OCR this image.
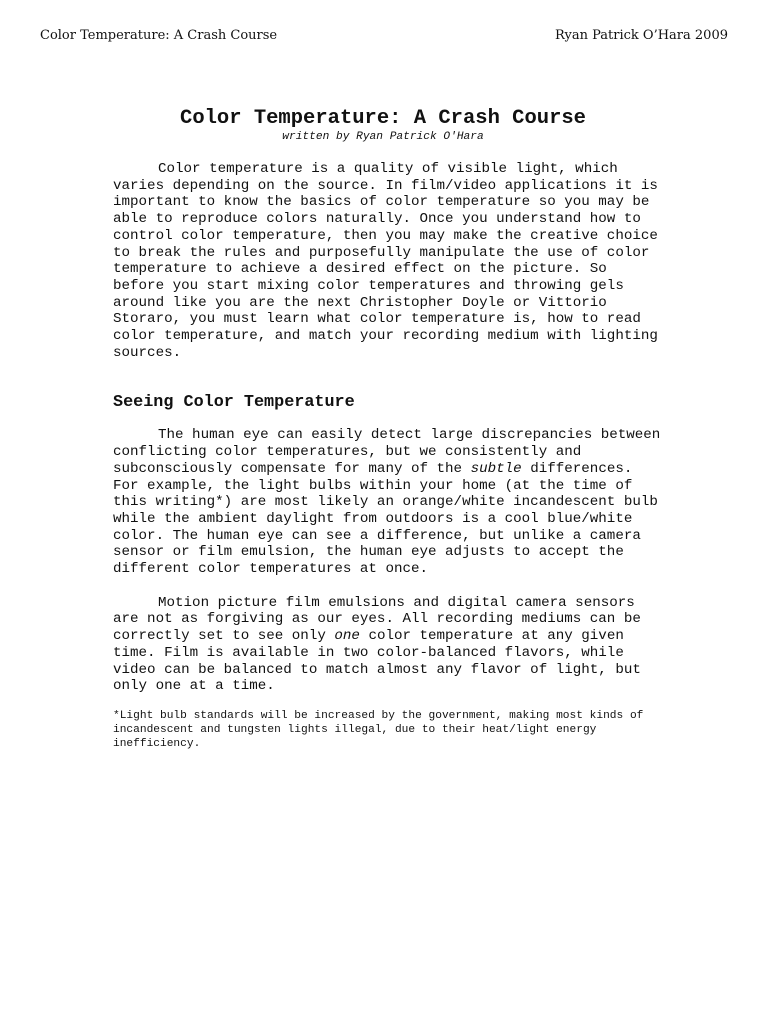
Color Temperature: A Crash Course	Ryan Patrick O’Hara 2009
Color Temperature: A Crash Course

written by Ryan Patrick O'Hara

Color temperature is a quality of visible light, which varies depending on the source. In film/video applications it is important to know the basics of color temperature so you may be able to reproduce colors naturally. Once you understand how to control color temperature, then you may make the creative choice to break the rules and purposefully manipulate the use of color temperature to achieve a desired effect on the picture. So before you start mixing color temperatures and throwing gels around like you are the next Christopher Doyle or Vittorio Storaro, you must learn what color temperature is, how to read color temperature, and match your recording medium with lighting sources.

Seeing Color Temperature

The human eye can easily detect large discrepancies between conflicting color temperatures, but we consistently and subconsciously compensate for many of the subtle differences. For example, the light bulbs within your home (at the time of this writing*) are most likely an orange/white incandescent bulb while the ambient daylight from outdoors is a cool blue/white color. The human eye can see a difference, but unlike a camera sensor or film emulsion, the human eye adjusts to accept the different color temperatures at once.

Motion picture film emulsions and digital camera sensors are not as forgiving as our eyes. All recording mediums can be correctly set to see only one color temperature at any given time. Film is available in two color-balanced flavors, while video can be balanced to match almost any flavor of light, but only one at a time.

*Light bulb standards will be increased by the government, making most kinds of incandescent and tungsten lights illegal, due to their heat/light energy inefficiency.
